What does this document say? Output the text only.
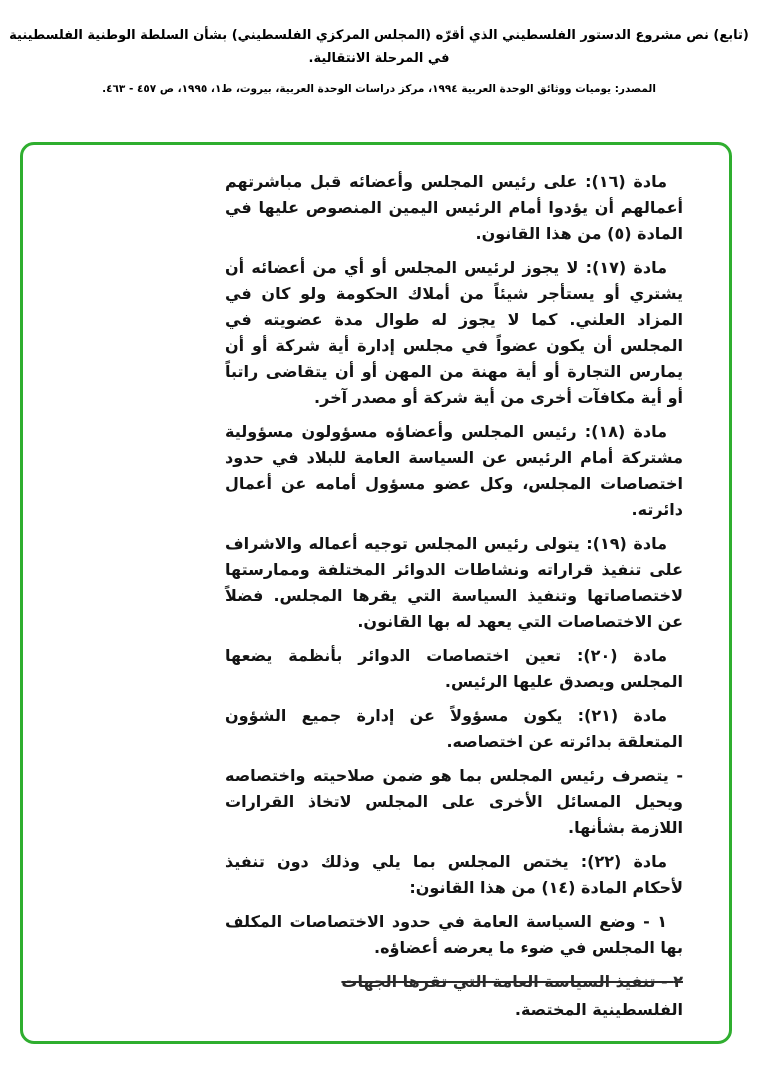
(تابع) نص مشروع الدستور الفلسطيني الذي أقرّه (المجلس المركزي الفلسطيني) بشأن السلطة الوطنية الفلسطينية
في المرحلة الانتقالية.
المصدر: يوميات ووثائق الوحدة العربية ١٩٩٤، مركز دراسات الوحدة العربية، بيروت، ط١، ١٩٩٥، ص ٤٥٧ - ٤٦٣.

مادة (١٦): على رئيس المجلس وأعضائه قبل مباشرتهم أعمالهم أن يؤدوا أمام الرئيس اليمين المنصوص عليها في المادة (٥) من هذا القانون.

مادة (١٧): لا يجوز لرئيس المجلس أو أي من أعضائه أن يشتري أو يستأجر شيئاً من أملاك الحكومة ولو كان في المزاد العلني. كما لا يجوز له طوال مدة عضويته في المجلس أن يكون عضواً في مجلس إدارة أية شركة أو أن يمارس التجارة أو أية مهنة من المهن أو أن يتقاضى راتباً أو أية مكافآت أخرى من أية شركة أو مصدر آخر.

مادة (١٨): رئيس المجلس وأعضاؤه مسؤولون مسؤولية مشتركة أمام الرئيس عن السياسة العامة للبلاد في حدود اختصاصات المجلس، وكل عضو مسؤول أمامه عن أعمال دائرته.

مادة (١٩): يتولى رئيس المجلس توجيه أعماله والاشراف على تنفيذ قراراته ونشاطات الدوائر المختلفة وممارستها لاختصاصاتها وتنفيذ السياسة التي يقرها المجلس. فضلاً عن الاختصاصات التي يعهد له بها القانون.

مادة (٢٠): تعين اختصاصات الدوائر بأنظمة يضعها المجلس ويصدق عليها الرئيس.

مادة (٢١): يكون مسؤولاً عن إدارة جميع الشؤون المتعلقة بدائرته عن اختصاصه.

- يتصرف رئيس المجلس بما هو ضمن صلاحيته واختصاصه ويحيل المسائل الأخرى على المجلس لاتخاذ القرارات اللازمة بشأنها.

مادة (٢٢): يختص المجلس بما يلي وذلك دون تنفيذ لأحكام المادة (١٤) من هذا القانون:

١ - وضع السياسة العامة في حدود الاختصاصات المكلف بها المجلس في ضوء ما يعرضه أعضاؤه.

٢ - تنفيذ السياسة العامة التي تقرها الجهات

الفلسطينية المختصة.
